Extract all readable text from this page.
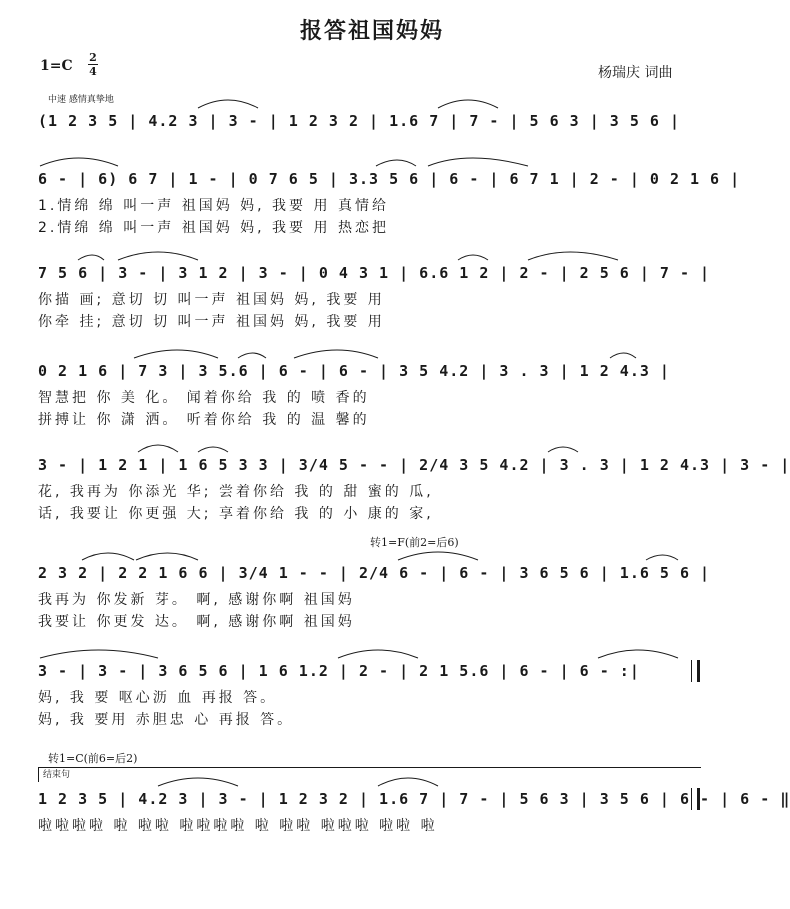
报答祖国妈妈
1=C
2
4	杨瑞庆 词曲
中速 感情真挚地
(1 2 3 5 | 4.2 3 | 3 - | 1 2 3 2 | 1.6 7 | 7 - | 5 6 3 | 3 5 6 |
6 - | 6) 6 7 | 1 - | 0 7 6 5 | 3.3 5 6 | 6 - | 6 7 1 | 2 - | 0 2 1 6 |
1.情绵 绵 叫一声 祖国妈 妈, 我要 用 真情给
2.情绵 绵 叫一声 祖国妈 妈, 我要 用 热恋把
7 5 6 | 3 - | 3 1 2 | 3 - | 0 4 3 1 | 6.6 1 2 | 2 - | 2 5 6 | 7 - |
你描 画; 意切 切 叫一声 祖国妈 妈, 我要 用
你牵 挂; 意切 切 叫一声 祖国妈 妈, 我要 用
0 2 1 6 | 7 3 | 3 5.6 | 6 - | 6 - | 3 5 4.2 | 3 . 3 | 1 2 4.3 |
智慧把 你 美 化。 闻着你给 我 的 喷 香的
拼搏让 你 潇 洒。 听着你给 我 的 温 馨的
3 - | 1 2 1 | 1 6 5 3 3 | 3/4 5 - - | 2/4 3 5 4.2 | 3 . 3 | 1 2 4.3 | 3 - |
花, 我再为 你添光 华; 尝着你给 我 的 甜 蜜的 瓜,
话, 我要让 你更强 大; 享着你给 我 的 小 康的 家,
转1=F(前2=后6)
2 3 2 | 2 2 1 6 6 | 3/4 1 - - | 2/4 6 - | 6 - | 3 6 5 6 | 1.6 5 6 |
我再为 你发新 芽。 啊, 感谢你啊 祖国妈
我要让 你更发 达。 啊, 感谢你啊 祖国妈
3 - | 3 - | 3 6 5 6 | 1 6 1.2 | 2 - | 2 1 5.6 | 6 - | 6 - :|
妈, 我 要 呕心沥 血 再报 答。
妈, 我 要用 赤胆忠 心 再报 答。
转1=C(前6=后2)
结束句
1 2 3 5 | 4.2 3 | 3 - | 1 2 3 2 | 1.6 7 | 7 - | 5 6 3 | 3 5 6 | 6 - | 6 - ‖
啦啦啦啦 啦 啦啦 啦啦啦啦 啦 啦啦 啦啦啦 啦啦 啦
